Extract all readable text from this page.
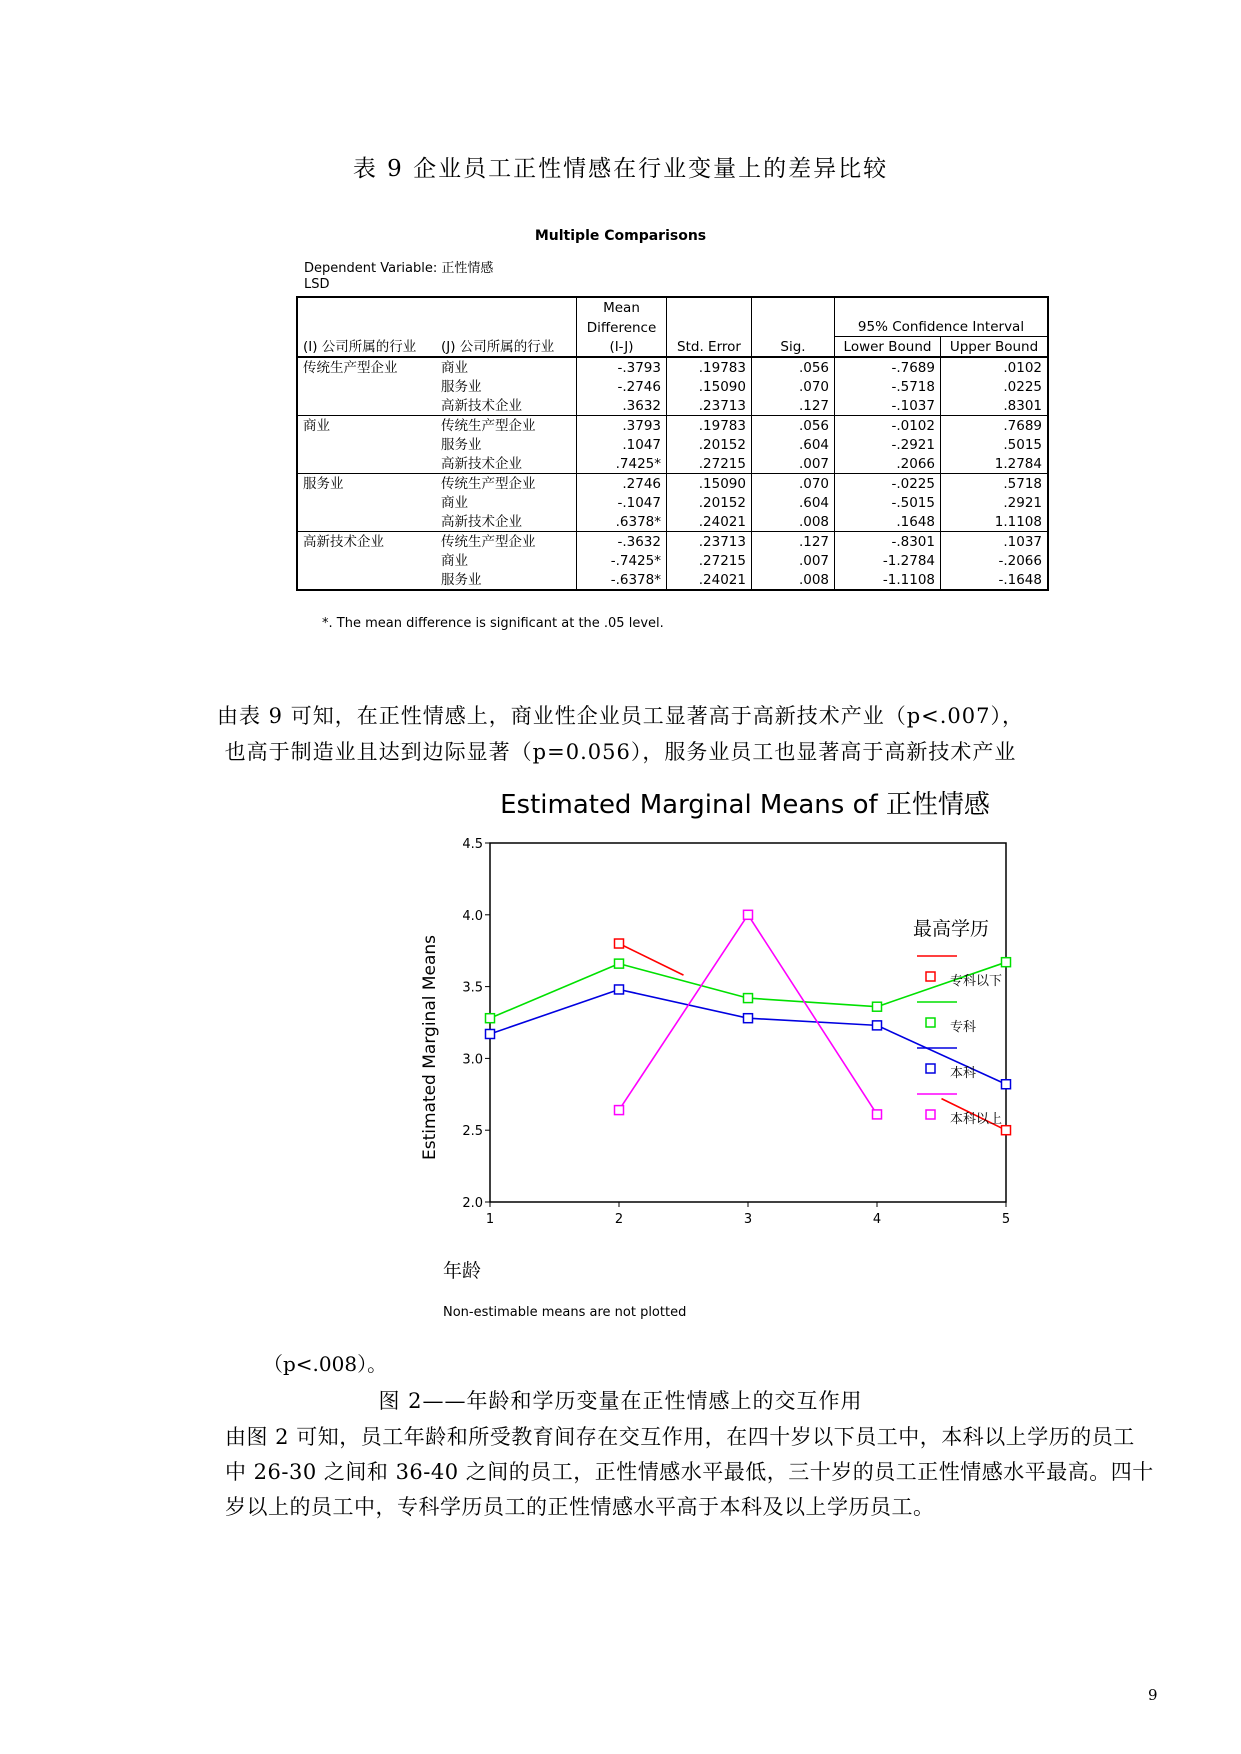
表 9 企业员工正性情感在行业变量上的差异比较
Multiple Comparisons
Dependent Variable: 正性情感
LSD
		Mean				
		Difference			95% Confidence Interval	
(I) 公司所属的行业	(J) 公司所属的行业	(I-J)	Std. Error	Sig.	Lower Bound	Upper Bound
传统生产型企业	商业	-.3793	.19783	.056	-.7689	.0102
	服务业	-.2746	.15090	.070	-.5718	.0225
	高新技术企业	.3632	.23713	.127	-.1037	.8301
商业	传统生产型企业	.3793	.19783	.056	-.0102	.7689
	服务业	.1047	.20152	.604	-.2921	.5015
	高新技术企业	.7425*	.27215	.007	.2066	1.2784
服务业	传统生产型企业	.2746	.15090	.070	-.0225	.5718
	商业	-.1047	.20152	.604	-.5015	.2921
	高新技术企业	.6378*	.24021	.008	.1648	1.1108
高新技术企业	传统生产型企业	-.3632	.23713	.127	-.8301	.1037
	商业	-.7425*	.27215	.007	-1.2784	-.2066
	服务业	-.6378*	.24021	.008	-1.1108	-.1648
*. The mean difference is significant at the .05 level.
由表 9 可知，在正性情感上，商业性企业员工显著高于高新技术产业（p<.007），
也高于制造业且达到边际显著（p=0.056），服务业员工也显著高于高新技术产业
Estimated Marginal Means of 正性情感
2.0
2.5
3.0
3.5
4.0
4.5
1	2	3	4	5
Estimated Marginal Means
年龄
Non-estimable means are not plotted
最高学历
专科以下
专科
本科
本科以上
（p<.008）。
图 2——年龄和学历变量在正性情感上的交互作用
由图 2 可知，员工年龄和所受教育间存在交互作用，在四十岁以下员工中，本科以上学历的员工中 26-30 之间和 36-40 之间的员工，正性情感水平最低，三十岁的员工正性情感水平最高。四十岁以上的员工中，专科学历员工的正性情感水平高于本科及以上学历员工。
9
